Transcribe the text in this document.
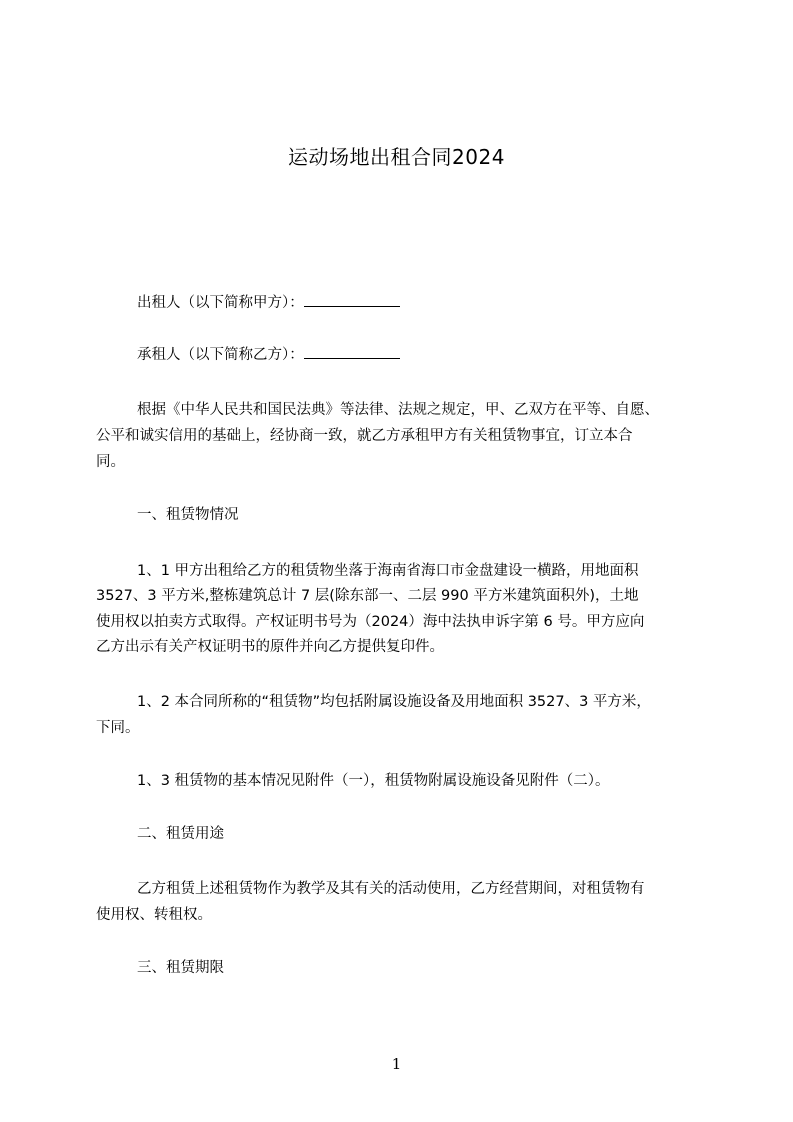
运动场地出租合同2024
出租人（以下简称甲方）：
承租人（以下简称乙方）：
根据《中华人民共和国民法典》等法律、法规之规定，甲、乙双方在平等、自愿、
公平和诚实信用的基础上，经协商一致，就乙方承租甲方有关租赁物事宜，订立本合
同。
一、租赁物情况
1、1 甲方出租给乙方的租赁物坐落于海南省海口市金盘建设一横路，用地面积
3527、3 平方米,整栋建筑总计 7 层(除东部一、二层 990 平方米建筑面积外)，土地
使用权以拍卖方式取得。产权证明书号为（2024）海中法执申诉字第 6 号。甲方应向
乙方出示有关产权证明书的原件并向乙方提供复印件。
1、2 本合同所称的“租赁物”均包括附属设施设备及用地面积 3527、3 平方米，
下同。
1、3 租赁物的基本情况见附件（一），租赁物附属设施设备见附件（二）。
二、租赁用途
乙方租赁上述租赁物作为教学及其有关的活动使用，乙方经营期间，对租赁物有
使用权、转租权。
三、租赁期限
1
